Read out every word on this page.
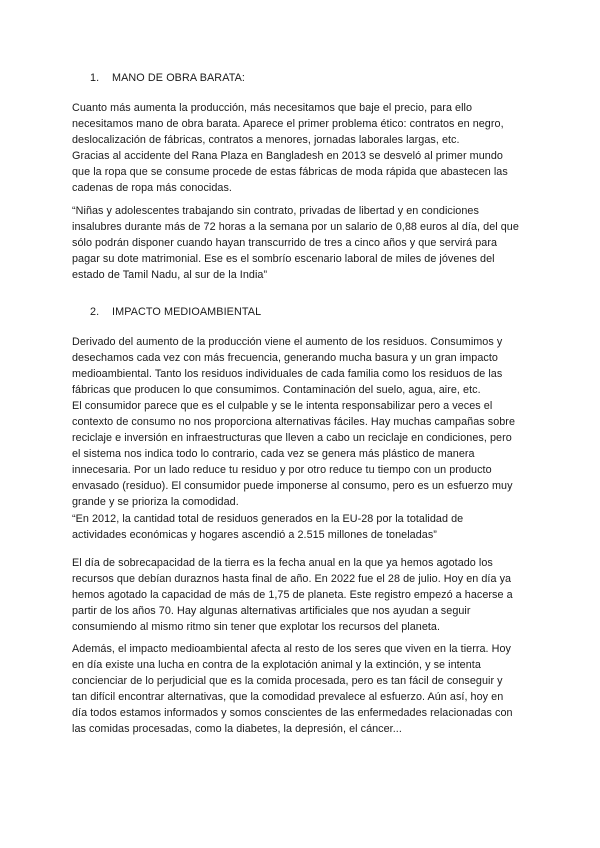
1. MANO DE OBRA BARATA:
Cuanto más aumenta la producción, más necesitamos que baje el precio, para ello
necesitamos mano de obra barata. Aparece el primer problema ético: contratos en negro,
deslocalización de fábricas, contratos a menores, jornadas laborales largas, etc.
Gracias al accidente del Rana Plaza en Bangladesh en 2013 se desveló al primer mundo
que la ropa que se consume procede de estas fábricas de moda rápida que abastecen las
cadenas de ropa más conocidas.
“Niñas y adolescentes trabajando sin contrato, privadas de libertad y en condiciones
insalubres durante más de 72 horas a la semana por un salario de 0,88 euros al día, del que
sólo podrán disponer cuando hayan transcurrido de tres a cinco años y que servirá para
pagar su dote matrimonial. Ese es el sombrío escenario laboral de miles de jóvenes del
estado de Tamil Nadu, al sur de la India”
2. IMPACTO MEDIOAMBIENTAL
Derivado del aumento de la producción viene el aumento de los residuos. Consumimos y
desechamos cada vez con más frecuencia, generando mucha basura y un gran impacto
medioambiental. Tanto los residuos individuales de cada familia como los residuos de las
fábricas que producen lo que consumimos. Contaminación del suelo, agua, aire, etc.
El consumidor parece que es el culpable y se le intenta responsabilizar pero a veces el
contexto de consumo no nos proporciona alternativas fáciles. Hay muchas campañas sobre
reciclaje e inversión en infraestructuras que lleven a cabo un reciclaje en condiciones, pero
el sistema nos indica todo lo contrario, cada vez se genera más plástico de manera
innecesaria. Por un lado reduce tu residuo y por otro reduce tu tiempo con un producto
envasado (residuo). El consumidor puede imponerse al consumo, pero es un esfuerzo muy
grande y se prioriza la comodidad.
“En 2012, la cantidad total de residuos generados en la EU-28 por la totalidad de
actividades económicas y hogares ascendió a 2.515 millones de toneladas”
El día de sobrecapacidad de la tierra es la fecha anual en la que ya hemos agotado los
recursos que debían duraznos hasta final de año. En 2022 fue el 28 de julio. Hoy en día ya
hemos agotado la capacidad de más de 1,75 de planeta. Este registro empezó a hacerse a
partir de los años 70. Hay algunas alternativas artificiales que nos ayudan a seguir
consumiendo al mismo ritmo sin tener que explotar los recursos del planeta.
Además, el impacto medioambiental afecta al resto de los seres que viven en la tierra. Hoy
en día existe una lucha en contra de la explotación animal y la extinción, y se intenta
concienciar de lo perjudicial que es la comida procesada, pero es tan fácil de conseguir y
tan difícil encontrar alternativas, que la comodidad prevalece al esfuerzo. Aún así, hoy en
día todos estamos informados y somos conscientes de las enfermedades relacionadas con
las comidas procesadas, como la diabetes, la depresión, el cáncer...
